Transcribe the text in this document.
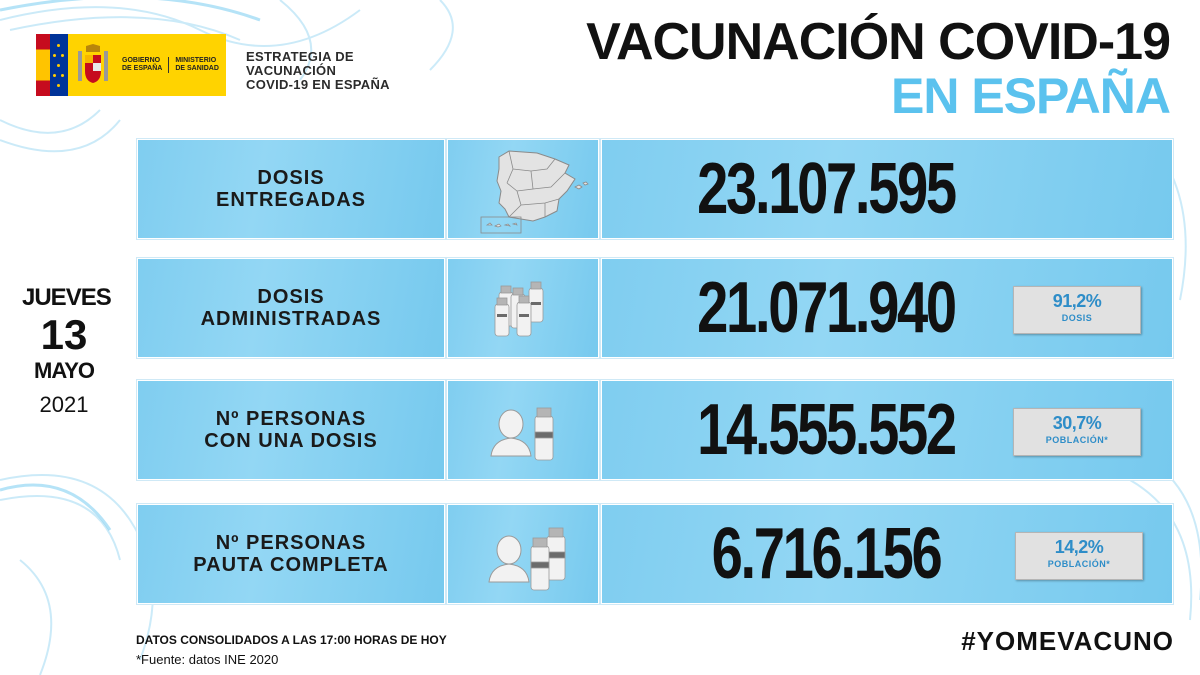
GOBIERNO
DE ESPAÑA
MINISTERIO
DE SANIDAD
ESTRATEGIA DE
VACUNACIÓN
COVID-19 EN ESPAÑA
VACUNACIÓN COVID-19
EN ESPAÑA
JUEVES
13
MAYO
2021
DOSIS
ENTREGADAS	23.107.595
DOSIS
ADMINISTRADAS	21.071.940	91,2%
DOSIS
Nº PERSONAS
CON UNA DOSIS	14.555.552	30,7%
POBLACIÓN*
Nº PERSONAS
PAUTA COMPLETA	6.716.156	14,2%
POBLACIÓN*
DATOS CONSOLIDADOS A LAS 17:00 HORAS DE HOY
*Fuente: datos INE 2020
#YOMEVACUNO
